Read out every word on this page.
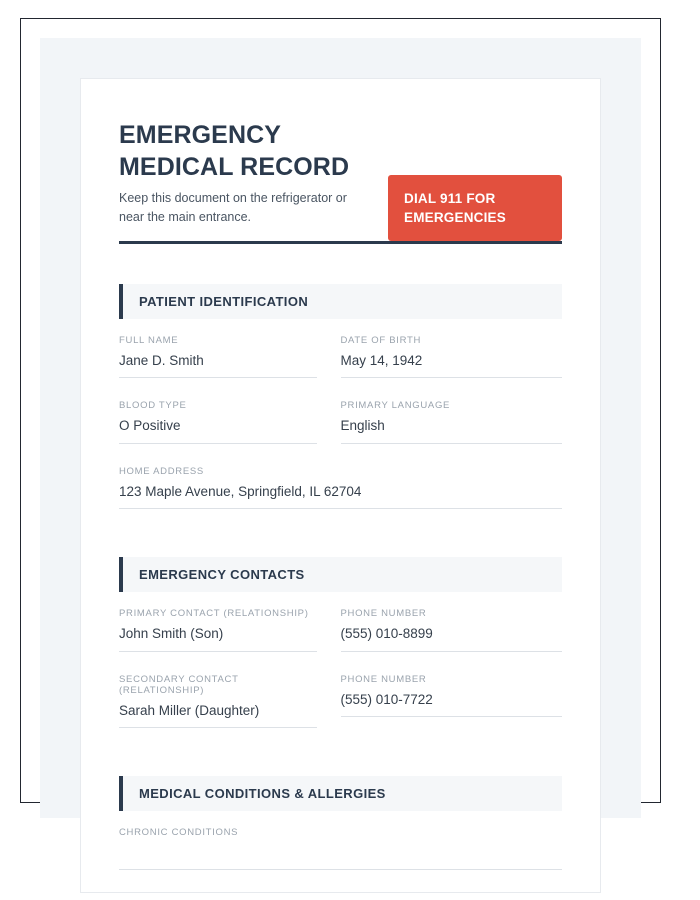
EMERGENCY
MEDICAL RECORD

Keep this document on the refrigerator or near the main entrance.

DIAL 911 FOR EMERGENCIES
PATIENT IDENTIFICATION
FULL NAME
Jane D. Smith
DATE OF BIRTH
May 14, 1942
BLOOD TYPE
O Positive
PRIMARY LANGUAGE
English
HOME ADDRESS
123 Maple Avenue, Springfield, IL 62704
EMERGENCY CONTACTS
PRIMARY CONTACT (RELATIONSHIP)
John Smith (Son)
PHONE NUMBER
(555) 010-8899
SECONDARY CONTACT (RELATIONSHIP)
Sarah Miller (Daughter)
PHONE NUMBER
(555) 010-7722
MEDICAL CONDITIONS & ALLERGIES
CHRONIC CONDITIONS
